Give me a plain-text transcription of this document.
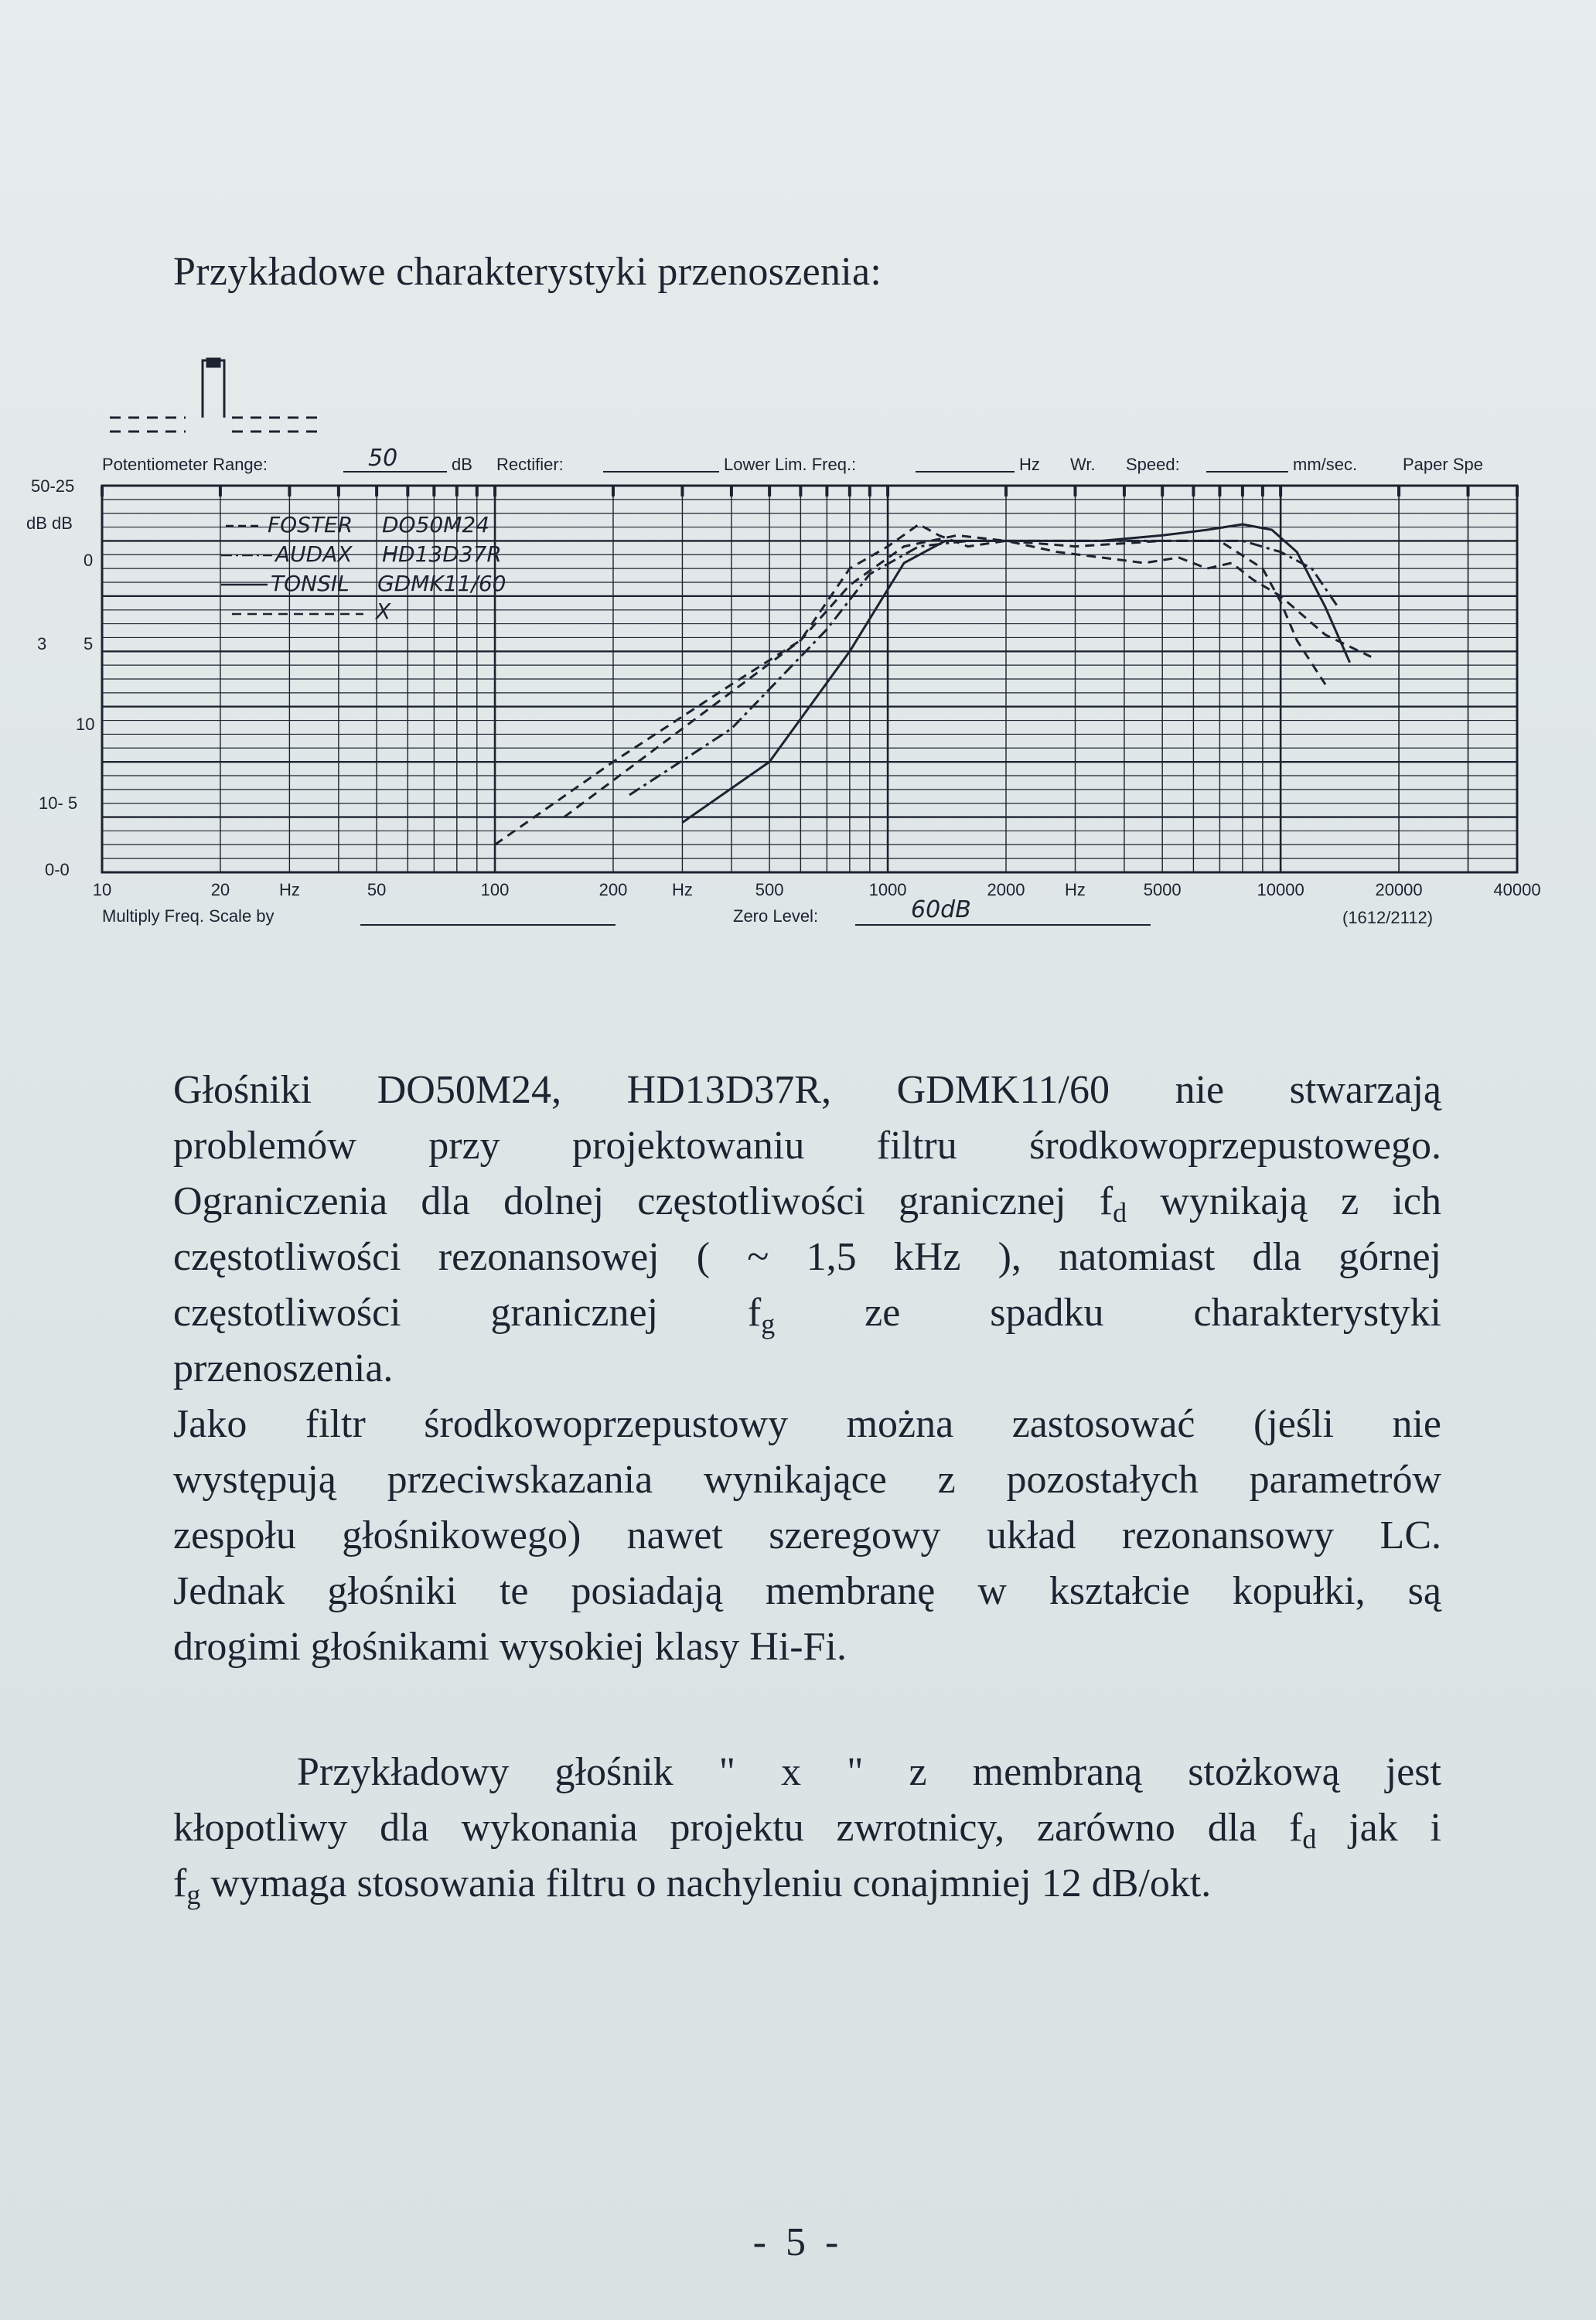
Przykładowe charakterystyki przenoszenia:
Potentiometer Range:	50	dB Rectifier:	Lower Lim. Freq.:	Hz Wr. Speed:	mm/sec.	Paper Spe
50-25
dB dB
0
3 5
10
10- 5
0-0
10	20	Hz	50	100	200	Hz	500	1000	2000 Hz	5000	10000	20000	40000
FOSTER DO50M24
AUDAX HD13D37R
TONSIL GDMK11/60
X
Multiply Freq. Scale by	Zero Level:	60dB	(1612/2112)
Głośniki DO50M24, HD13D37R, GDMK11/60 nie stwarzają
problemów przy projektowaniu filtru środkowoprzepustowego.
Ograniczenia dla dolnej częstotliwości granicznej $f_d$ wynikają z ich
częstotliwości rezonansowej ( ~ 1,5 kHz ), natomiast dla górnej
częstotliwości granicznej $f_g$ ze spadku charakterystyki
przenoszenia.
Jako filtr środkowoprzepustowy można zastosować (jeśli nie
występują przeciwskazania wynikające z pozostałych parametrów
zespołu głośnikowego) nawet szeregowy układ rezonansowy LC.
Jednak głośniki te posiadają membranę w kształcie kopułki, są
drogimi głośnikami wysokiej klasy Hi-Fi.
Przykładowy głośnik " x " z membraną stożkową jest
kłopotliwy dla wykonania projektu zwrotnicy, zarówno dla $f_d$ jak i
$f_g$ wymaga stosowania filtru o nachyleniu conajmniej 12 dB/okt.
- 5 -
